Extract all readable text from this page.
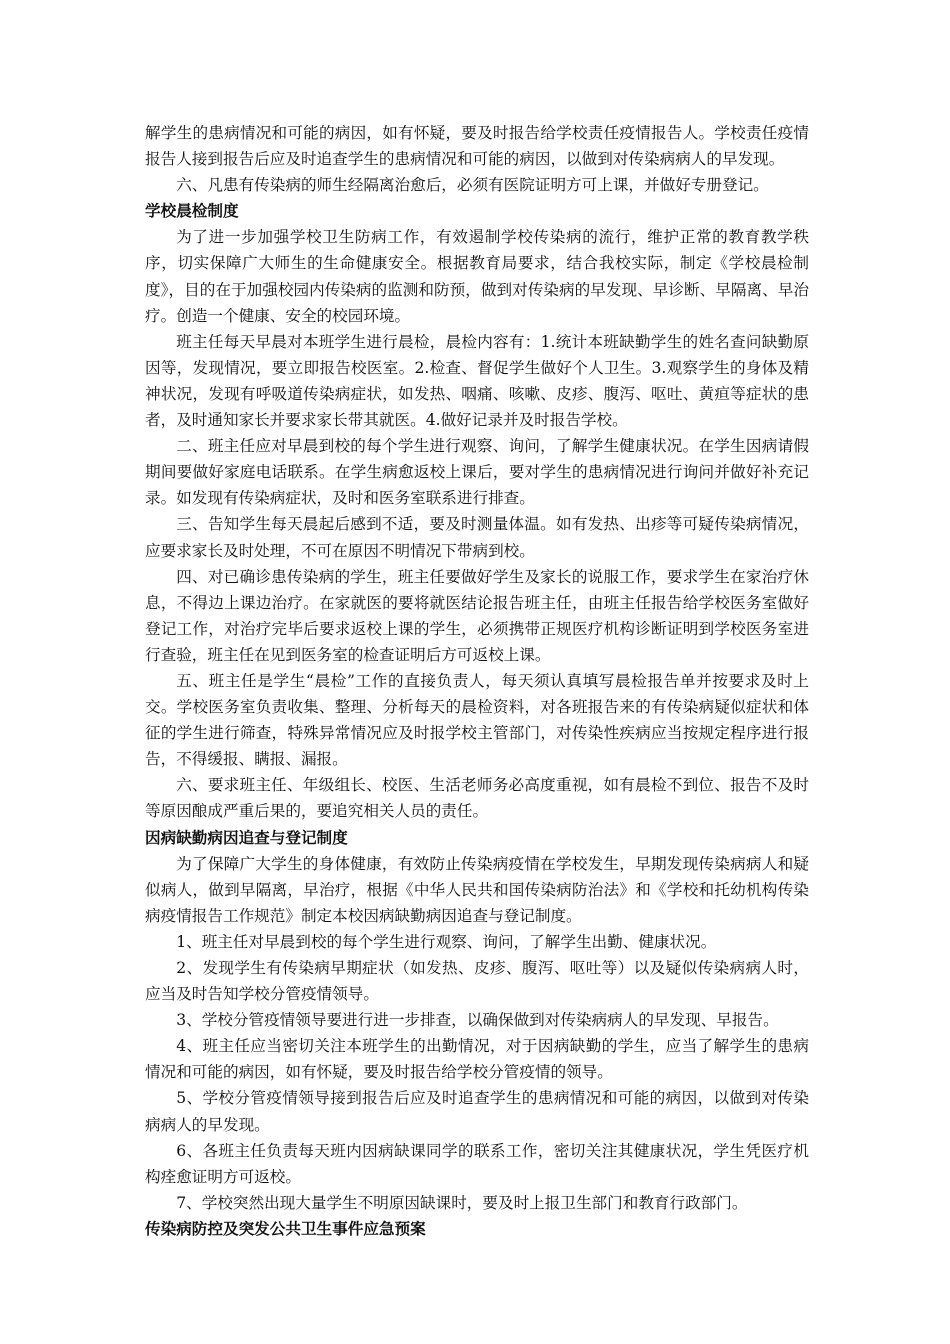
解学生的患病情况和可能的病因，如有怀疑，要及时报告给学校责任疫情报告人。学校责任疫情报告人接到报告后应及时追查学生的患病情况和可能的病因，以做到对传染病病人的早发现。

六、凡患有传染病的师生经隔离治愈后，必须有医院证明方可上课，并做好专册登记。

学校晨检制度

为了进一步加强学校卫生防病工作，有效遏制学校传染病的流行，维护正常的教育教学秩序，切实保障广大师生的生命健康安全。根据教育局要求，结合我校实际，制定《学校晨检制度》，目的在于加强校园内传染病的监测和防预，做到对传染病的早发现、早诊断、早隔离、早治疗。创造一个健康、安全的校园环境。

班主任每天早晨对本班学生进行晨检，晨检内容有：1.统计本班缺勤学生的姓名查问缺勤原因等，发现情况，要立即报告校医室。2.检查、督促学生做好个人卫生。3.观察学生的身体及精神状况，发现有呼吸道传染病症状，如发热、咽痛、咳嗽、皮疹、腹泻、呕吐、黄疸等症状的患者，及时通知家长并要求家长带其就医。4.做好记录并及时报告学校。

二、班主任应对早晨到校的每个学生进行观察、询问，了解学生健康状况。在学生因病请假期间要做好家庭电话联系。在学生病愈返校上课后，要对学生的患病情况进行询问并做好补充记录。如发现有传染病症状，及时和医务室联系进行排查。

三、告知学生每天晨起后感到不适，要及时测量体温。如有发热、出疹等可疑传染病情况，应要求家长及时处理，不可在原因不明情况下带病到校。

四、对已确诊患传染病的学生，班主任要做好学生及家长的说服工作，要求学生在家治疗休息，不得边上课边治疗。在家就医的要将就医结论报告班主任，由班主任报告给学校医务室做好登记工作，对治疗完毕后要求返校上课的学生，必须携带正规医疗机构诊断证明到学校医务室进行查验，班主任在见到医务室的检查证明后方可返校上课。

五、班主任是学生“晨检”工作的直接负责人，每天须认真填写晨检报告单并按要求及时上交。学校医务室负责收集、整理、分析每天的晨检资料，对各班报告来的有传染病疑似症状和体征的学生进行筛查，特殊异常情况应及时报学校主管部门，对传染性疾病应当按规定程序进行报告，不得缓报、瞒报、漏报。

六、要求班主任、年级组长、校医、生活老师务必高度重视，如有晨检不到位、报告不及时等原因酿成严重后果的，要追究相关人员的责任。

因病缺勤病因追查与登记制度

为了保障广大学生的身体健康，有效防止传染病疫情在学校发生，早期发现传染病病人和疑似病人，做到早隔离，早治疗，根据《中华人民共和国传染病防治法》和《学校和托幼机构传染病疫情报告工作规范》制定本校因病缺勤病因追查与登记制度。

1、班主任对早晨到校的每个学生进行观察、询问，了解学生出勤、健康状况。

2、发现学生有传染病早期症状（如发热、皮疹、腹泻、呕吐等）以及疑似传染病病人时，应当及时告知学校分管疫情领导。

3、学校分管疫情领导要进行进一步排查，以确保做到对传染病病人的早发现、早报告。

4、班主任应当密切关注本班学生的出勤情况，对于因病缺勤的学生，应当了解学生的患病情况和可能的病因，如有怀疑，要及时报告给学校分管疫情的领导。

5、学校分管疫情领导接到报告后应及时追查学生的患病情况和可能的病因，以做到对传染病病人的早发现。

6、各班主任负责每天班内因病缺课同学的联系工作，密切关注其健康状况，学生凭医疗机构痊愈证明方可返校。

7、学校突然出现大量学生不明原因缺课时，要及时上报卫生部门和教育行政部门。

传染病防控及突发公共卫生事件应急预案
